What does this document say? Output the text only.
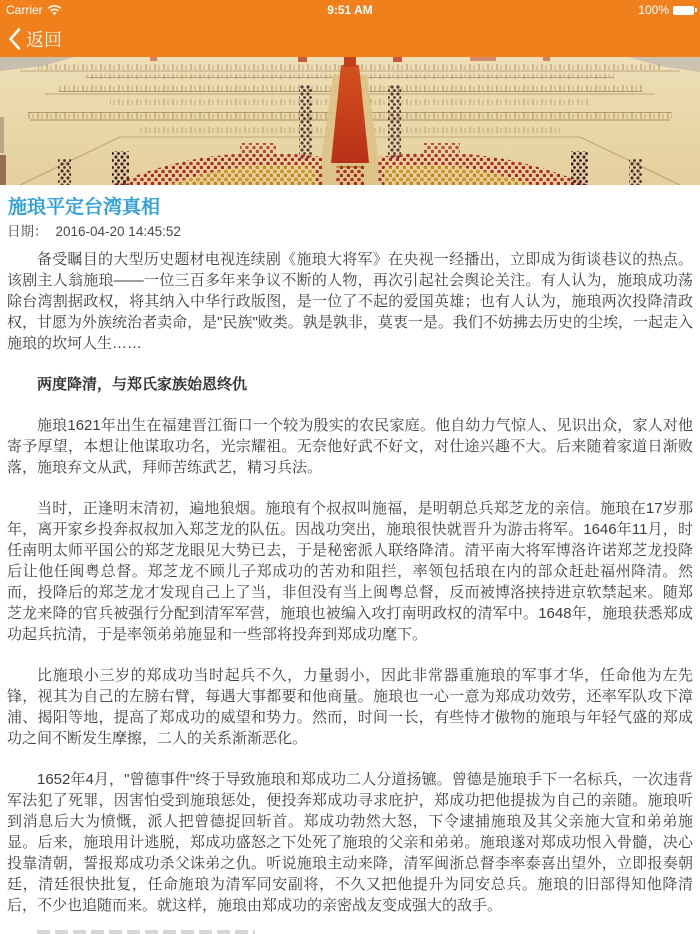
Carrier	9:51 AM	100%
返回
施琅平定台湾真相
日期： 2016-04-20 14:45:52

备受瞩目的大型历史题材电视连续剧《施琅大将军》在央视一经播出，立即成为街谈巷议的热点。该剧主人翁施琅——一位三百多年来争议不断的人物，再次引起社会舆论关注。有人认为，施琅成功荡除台湾割据政权，将其纳入中华行政版图，是一位了不起的爱国英雄；也有人认为，施琅两次投降清政权，甘愿为外族统治者卖命，是"民族"败类。孰是孰非，莫衷一是。我们不妨拂去历史的尘埃，一起走入施琅的坎坷人生……

两度降清，与郑氏家族始恩终仇

施琅1621年出生在福建晋江衙口一个较为殷实的农民家庭。他自幼力气惊人、见识出众，家人对他寄予厚望，本想让他谋取功名，光宗耀祖。无奈他好武不好文，对仕途兴趣不大。后来随着家道日渐败落，施琅弃文从武，拜师苦练武艺，精习兵法。

当时，正逢明末清初，遍地狼烟。施琅有个叔叔叫施福，是明朝总兵郑芝龙的亲信。施琅在17岁那年，离开家乡投奔叔叔加入郑芝龙的队伍。因战功突出，施琅很快就晋升为游击将军。1646年11月，时任南明太师平国公的郑芝龙眼见大势已去，于是秘密派人联络降清。清平南大将军博洛许诺郑芝龙投降后让他任闽粤总督。郑芝龙不顾儿子郑成功的苦劝和阻拦，率领包括琅在内的部众赶赴福州降清。然而，投降后的郑芝龙才发现自己上了当，非但没有当上闽粤总督，反而被博洛挟持进京软禁起来。随郑芝龙来降的官兵被强行分配到清军军营，施琅也被编入攻打南明政权的清军中。1648年，施琅获悉郑成功起兵抗清，于是率领弟弟施显和一些部将投奔到郑成功麾下。

比施琅小三岁的郑成功当时起兵不久，力量弱小，因此非常器重施琅的军事才华，任命他为左先锋，视其为自己的左膀右臂，每遇大事都要和他商量。施琅也一心一意为郑成功效劳，还率军队攻下漳浦、揭阳等地，提高了郑成功的威望和势力。然而，时间一长，有些恃才傲物的施琅与年轻气盛的郑成功之间不断发生摩擦，二人的关系渐渐恶化。

1652年4月，"曾德事件"终于导致施琅和郑成功二人分道扬镳。曾德是施琅手下一名标兵，一次违背军法犯了死罪，因害怕受到施琅惩处，便投奔郑成功寻求庇护，郑成功把他提拔为自己的亲随。施琅听到消息后大为愤慨，派人把曾德捉回斩首。郑成功勃然大怒，下令逮捕施琅及其父亲施大宣和弟弟施显。后来，施琅用计逃脱，郑成功盛怒之下处死了施琅的父亲和弟弟。施琅遂对郑成功恨入骨髓，决心投靠清朝，誓报郑成功杀父诛弟之仇。听说施琅主动来降，清军闽浙总督李率泰喜出望外，立即报奏朝廷，清廷很快批复，任命施琅为清军同安副将，不久又把他提升为同安总兵。施琅的旧部得知他降清后，不少也追随而来。就这样，施琅由郑成功的亲密战友变成强大的敌手。
